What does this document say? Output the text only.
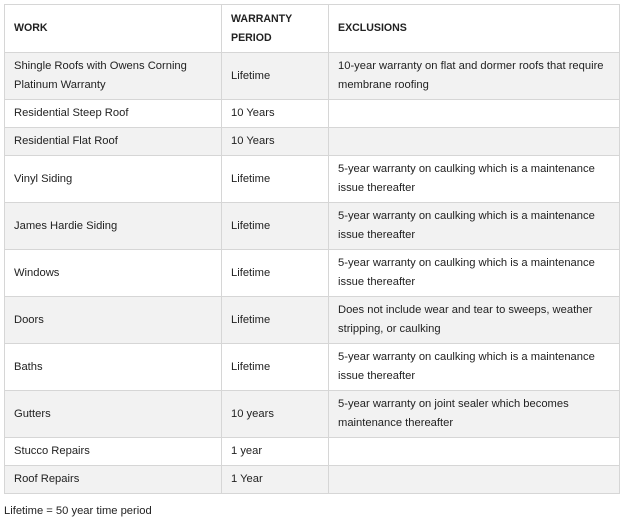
WORK	WARRANTY PERIOD	EXCLUSIONS
Shingle Roofs with Owens Corning Platinum Warranty	Lifetime	10-year warranty on flat and dormer roofs that require membrane roofing
Residential Steep Roof	10 Years	
Residential Flat Roof	10 Years	
Vinyl Siding	Lifetime	5-year warranty on caulking which is a maintenance issue thereafter
James Hardie Siding	Lifetime	5-year warranty on caulking which is a maintenance issue thereafter
Windows	Lifetime	5-year warranty on caulking which is a maintenance issue thereafter
Doors	Lifetime	Does not include wear and tear to sweeps, weather stripping, or caulking
Baths	Lifetime	5-year warranty on caulking which is a maintenance issue thereafter
Gutters	10 years	5-year warranty on joint sealer which becomes maintenance thereafter
Stucco Repairs	1 year	
Roof Repairs	1 Year	
Lifetime = 50 year time period
